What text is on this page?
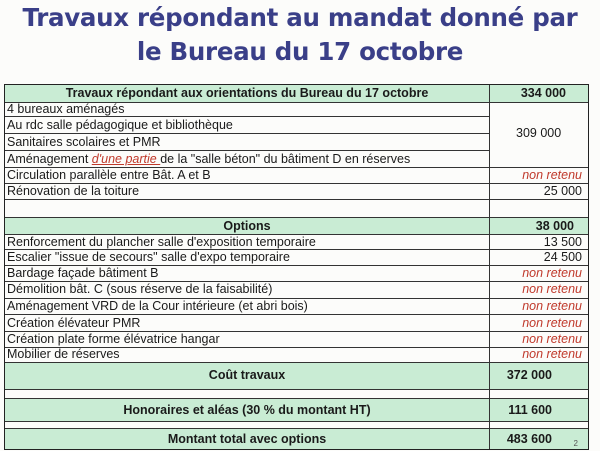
Travaux répondant au mandat donné par
le Bureau du 17 octobre
Travaux répondant aux orientations du Bureau du 17 octobre	334 000
4 bureaux aménagés
Au rdc salle pédagogique et bibliothèque
Sanitaires scolaires et PMR
Aménagement d'une partie de la "salle béton" du bâtiment D en réserves
309 000
Circulation parallèle entre Bât. A et B	non retenu
Rénovation de la toiture	25 000
Options	38 000
Renforcement du plancher salle d'exposition temporaire	13 500
Escalier "issue de secours" salle d'expo temporaire	24 500
Bardage façade bâtiment B	non retenu
Démolition bât. C (sous réserve de la faisabilité)	non retenu
Aménagement VRD de la Cour intérieure (et abri bois)	non retenu
Création élévateur PMR	non retenu
Création plate forme élévatrice hangar	non retenu
Mobilier de réserves	non retenu
Coût travaux	372 000
Honoraires et aléas (30 % du montant HT)	111 600
Montant total avec options	483 600	2
